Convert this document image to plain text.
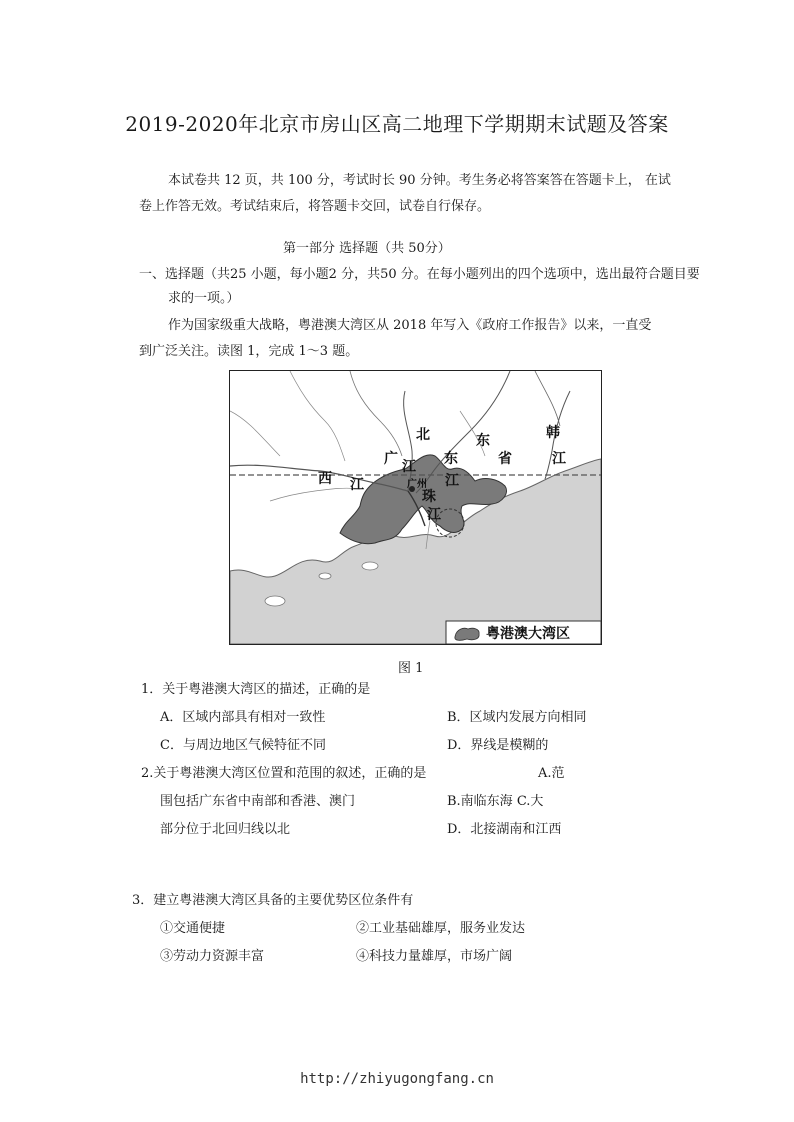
2019-2020年北京市房山区高二地理下学期期末试题及答案
本试卷共 12 页，共 100 分，考试时长 90 分钟。考生务必将答案答在答题卡上， 在试
卷上作答无效。考试结束后，将答题卡交回，试卷自行保存。
第一部分 选择题（共 50分）
一、选择题（共25 小题，每小题2 分，共50 分。在每小题列出的四个选项中，选出最符合题目要
求的一项。）
作为国家级重大战略，粤港澳大湾区从 2018 年写入《政府工作报告》以来，一直受
到广泛关注。读图 1，完成 1～3 题。
北	东
省
广 江 东
西 江	广州
珠
江
江
韩
江
粤港澳大湾区
图 1
1．关于粤港澳大湾区的描述，正确的是
A．区域内部具有相对一致性	B．区域内发展方向相同
C．与周边地区气候特征不同	D．界线是模糊的
2.关于粤港澳大湾区位置和范围的叙述，正确的是	A.范
围包括广东省中南部和香港、澳门	B.南临东海 C.大
部分位于北回归线以北	D．北接湖南和江西
3．建立粤港澳大湾区具备的主要优势区位条件有
①交通便捷	②工业基础雄厚，服务业发达
③劳动力资源丰富	④科技力量雄厚，市场广阔
http://zhiyugongfang.cn
